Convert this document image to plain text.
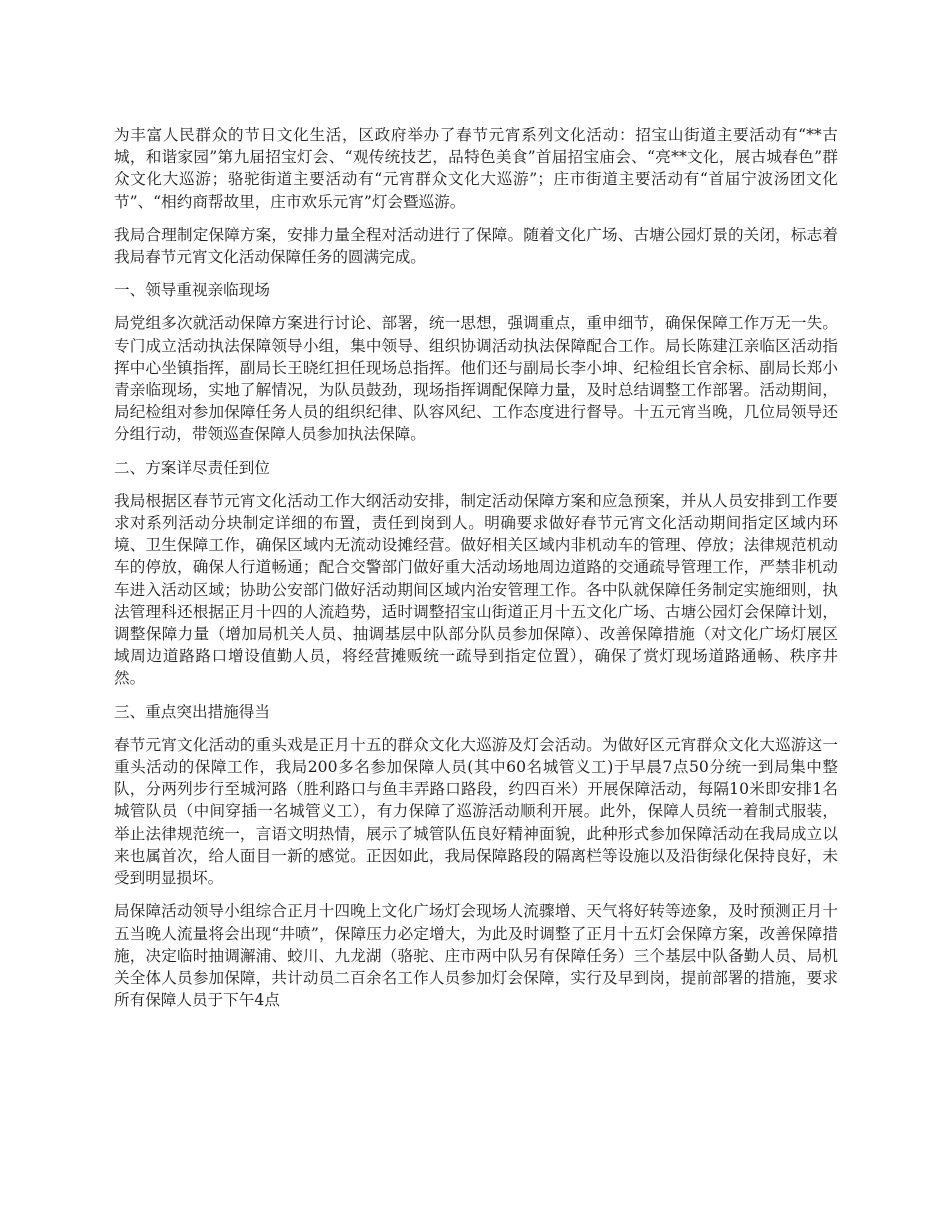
为丰富人民群众的节日文化生活，区政府举办了春节元宵系列文化活动：招宝山街道主要活动有“**古城，和谐家园”第九届招宝灯会、“观传统技艺，品特色美食”首届招宝庙会、“亮**文化，展古城春色”群众文化大巡游；骆驼街道主要活动有“元宵群众文化大巡游”；庄市街道主要活动有“首届宁波汤团文化节”、“相约商帮故里，庄市欢乐元宵”灯会暨巡游。

我局合理制定保障方案，安排力量全程对活动进行了保障。随着文化广场、古塘公园灯景的关闭，标志着我局春节元宵文化活动保障任务的圆满完成。

一、领导重视亲临现场

局党组多次就活动保障方案进行讨论、部署，统一思想，强调重点，重申细节，确保保障工作万无一失。专门成立活动执法保障领导小组，集中领导、组织协调活动执法保障配合工作。局长陈建江亲临区活动指挥中心坐镇指挥，副局长王晓红担任现场总指挥。他们还与副局长李小坤、纪检组长官余标、副局长郑小青亲临现场，实地了解情况，为队员鼓劲，现场指挥调配保障力量，及时总结调整工作部署。活动期间，局纪检组对参加保障任务人员的组织纪律、队容风纪、工作态度进行督导。十五元宵当晚，几位局领导还分组行动，带领巡查保障人员参加执法保障。

二、方案详尽责任到位

我局根据区春节元宵文化活动工作大纲活动安排，制定活动保障方案和应急预案，并从人员安排到工作要求对系列活动分块制定详细的布置，责任到岗到人。明确要求做好春节元宵文化活动期间指定区域内环境、卫生保障工作，确保区域内无流动设摊经营。做好相关区域内非机动车的管理、停放；法律规范机动车的停放，确保人行道畅通；配合交警部门做好重大活动场地周边道路的交通疏导管理工作，严禁非机动车进入活动区域；协助公安部门做好活动期间区域内治安管理工作。各中队就保障任务制定实施细则，执法管理科还根据正月十四的人流趋势，适时调整招宝山街道正月十五文化广场、古塘公园灯会保障计划，调整保障力量（增加局机关人员、抽调基层中队部分队员参加保障）、改善保障措施（对文化广场灯展区域周边道路路口增设值勤人员，将经营摊贩统一疏导到指定位置），确保了赏灯现场道路通畅、秩序井然。

三、重点突出措施得当

春节元宵文化活动的重头戏是正月十五的群众文化大巡游及灯会活动。为做好区元宵群众文化大巡游这一重头活动的保障工作，我局200多名参加保障人员(其中60名城管义工)于早晨7点50分统一到局集中整队，分两列步行至城河路（胜利路口与鱼丰弄路口路段，约四百米）开展保障活动，每隔10米即安排1名城管队员（中间穿插一名城管义工），有力保障了巡游活动顺利开展。此外，保障人员统一着制式服装，举止法律规范统一，言语文明热情，展示了城管队伍良好精神面貌，此种形式参加保障活动在我局成立以来也属首次，给人面目一新的感觉。正因如此，我局保障路段的隔离栏等设施以及沿街绿化保持良好，未受到明显损坏。

局保障活动领导小组综合正月十四晚上文化广场灯会现场人流骤增、天气将好转等迹象，及时预测正月十五当晚人流量将会出现“井喷”，保障压力必定增大，为此及时调整了正月十五灯会保障方案，改善保障措施，决定临时抽调澥浦、蛟川、九龙湖（骆驼、庄市两中队另有保障任务）三个基层中队备勤人员、局机关全体人员参加保障，共计动员二百余名工作人员参加灯会保障，实行及早到岗，提前部署的措施，要求所有保障人员于下午4点
